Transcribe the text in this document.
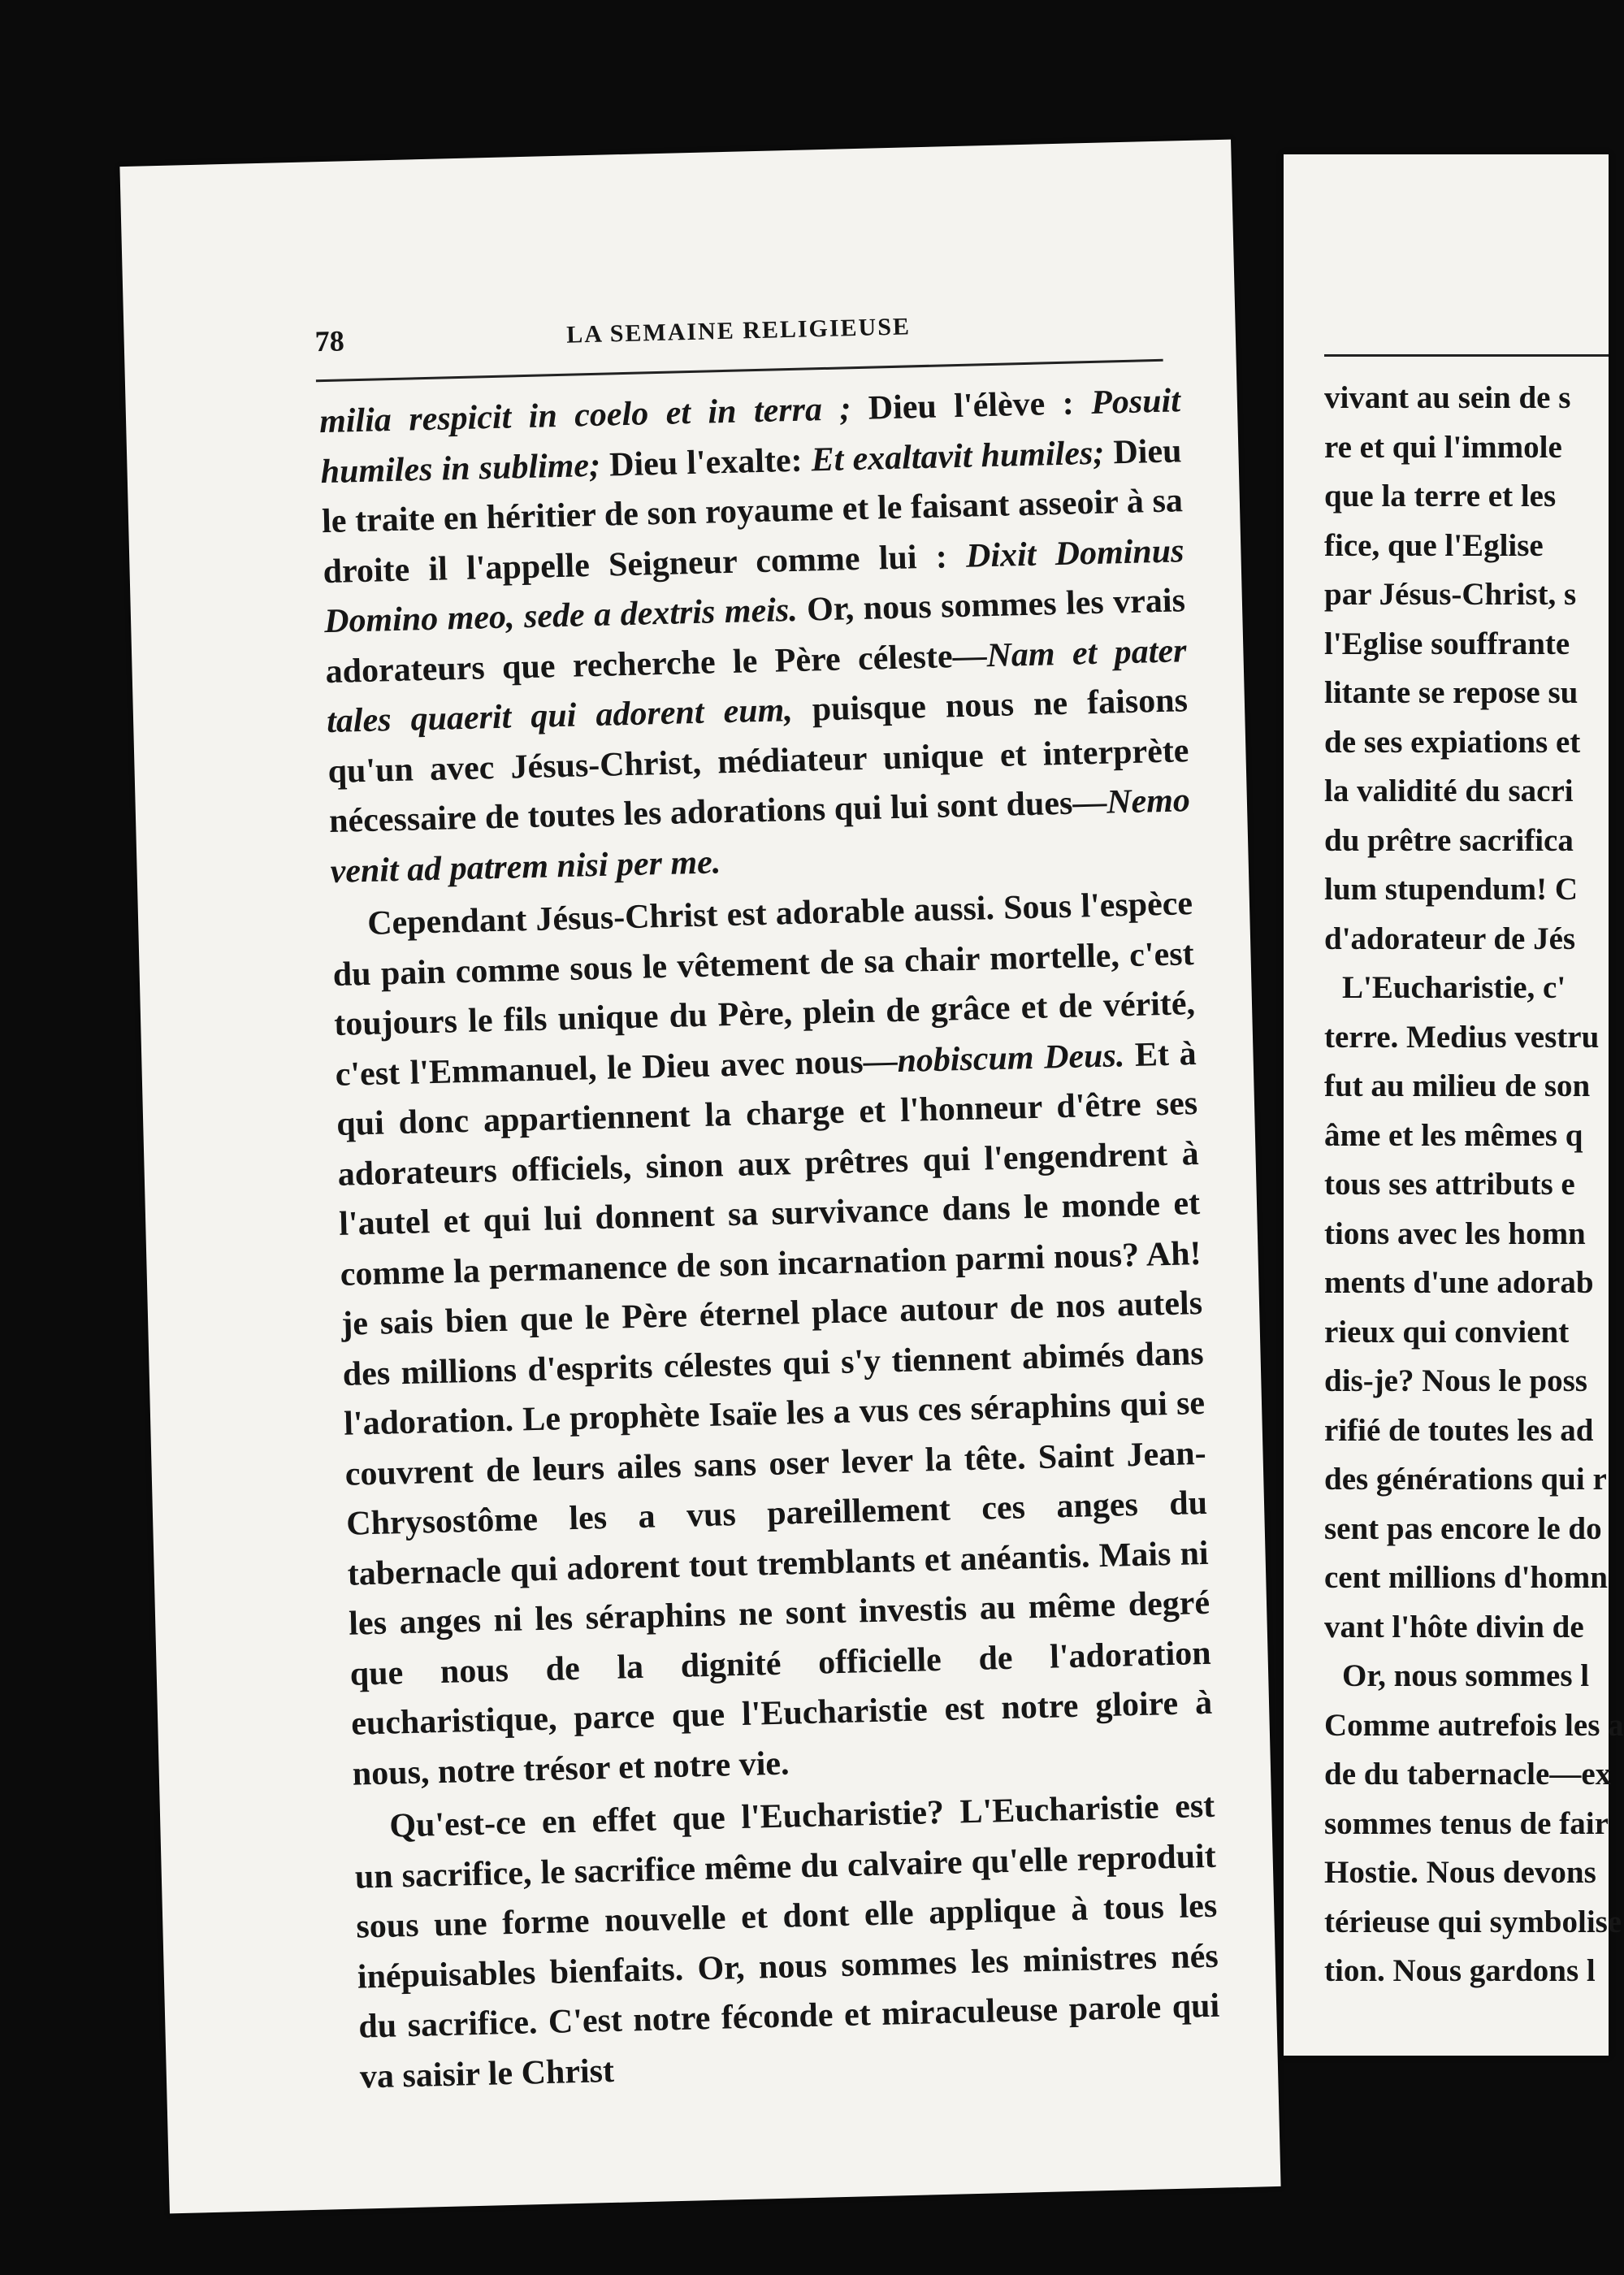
78	LA SEMAINE RELIGIEUSE

milia respicit in coelo et in terra ; Dieu l'élève : Posuit humiles in sublime; Dieu l'exalte: Et exaltavit humiles; Dieu le traite en héritier de son royaume et le faisant asseoir à sa droite il l'appelle Seigneur comme lui : Dixit Dominus Domino meo, sede a dextris meis. Or, nous sommes les vrais adorateurs que recherche le Père céleste—Nam et pater tales quaerit qui adorent eum, puisque nous ne faisons qu'un avec Jésus-Christ, médiateur unique et interprète nécessaire de toutes les adorations qui lui sont dues—Nemo venit ad patrem nisi per me.

Cependant Jésus-Christ est adorable aussi. Sous l'espèce du pain comme sous le vêtement de sa chair mortelle, c'est toujours le fils unique du Père, plein de grâce et de vérité, c'est l'Emmanuel, le Dieu avec nous—nobiscum Deus. Et à qui donc appartiennent la charge et l'honneur d'être ses adorateurs officiels, sinon aux prêtres qui l'engendrent à l'autel et qui lui donnent sa survivance dans le monde et comme la permanence de son incarnation parmi nous? Ah! je sais bien que le Père éternel place autour de nos autels des millions d'esprits célestes qui s'y tiennent abimés dans l'adoration. Le prophète Isaïe les a vus ces séraphins qui se couvrent de leurs ailes sans oser lever la tête. Saint Jean-Chrysostôme les a vus pareillement ces anges du tabernacle qui adorent tout tremblants et anéantis. Mais ni les anges ni les séraphins ne sont investis au même degré que nous de la dignité officielle de l'adoration eucharistique, parce que l'Eucharistie est notre gloire à nous, notre trésor et notre vie.

Qu'est-ce en effet que l'Eucharistie? L'Eucharistie est un sacrifice, le sacrifice même du calvaire qu'elle reproduit sous une forme nouvelle et dont elle applique à tous les inépuisables bienfaits. Or, nous sommes les ministres nés du sacrifice. C'est notre féconde et miraculeuse parole qui va saisir le Christ

vivant au sein de s
re et qui l'immole
que la terre et les
fice, que l'Eglise
par Jésus-Christ, s
l'Eglise souffrante
litante se repose su
de ses expiations et
la validité du sacri
du prêtre sacrifica
lum stupendum! C
d'adorateur de Jés
L'Eucharistie, c'
terre. Medius vestru
fut au milieu de son
âme et les mêmes q
tous ses attributs e
tions avec les homn
ments d'une adorab
rieux qui convient
dis-je? Nous le poss
rifié de toutes les ad
des générations qui r
sent pas encore le do
cent millions d'homn
vant l'hôte divin de
Or, nous sommes l
Comme autrefois les a
de du tabernacle—ex
sommes tenus de fair
Hostie. Nous devons
térieuse qui symbolise
tion. Nous gardons l
